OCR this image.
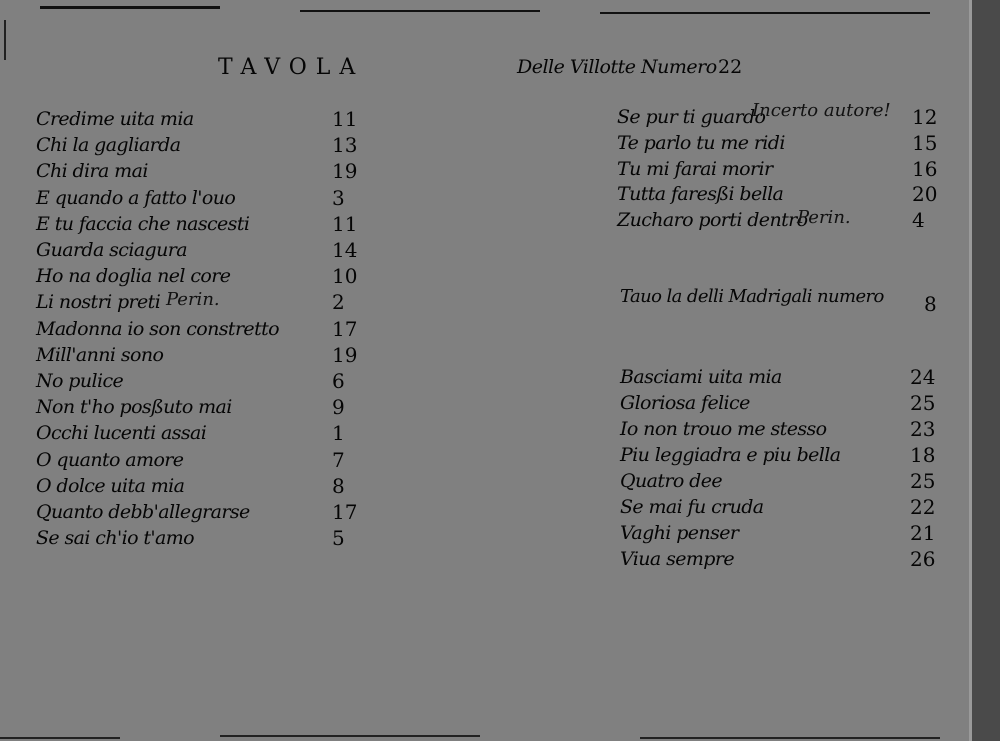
TAVOLA	Delle Villotte Numero 22
Credime uita mia	11
Chi la gagliarda	13
Chi dira mai	19
E quando a fatto l'ouo	3
E tu faccia che nascesti	11
Guarda sciagura	14
Ho na doglia nel core	10
Li nostri preti	2
Perin.
Madonna io son constretto	17
Mill'anni sono	19
No pulice	6
Non t'ho posßuto mai	9
Occhi lucenti assai	1
O quanto amore	7
O dolce uita mia	8
Quanto debb'allegrarse	17
Se sai ch'io t'amo	5
Se pur ti guardo	12
Incerto autore!
Te parlo tu me ridi	15
Tu mi farai morir	16
Tutta faresßi bella	20
Zucharo porti dentro	4
Perin.
Tauo la delli Madrigali numero 8
Basciami uita mia	24
Gloriosa felice	25
Io non trouo me stesso	23
Piu leggiadra e piu bella	18
Quatro dee	25
Se mai fu cruda	22
Vaghi penser	21
Viua sempre	26
